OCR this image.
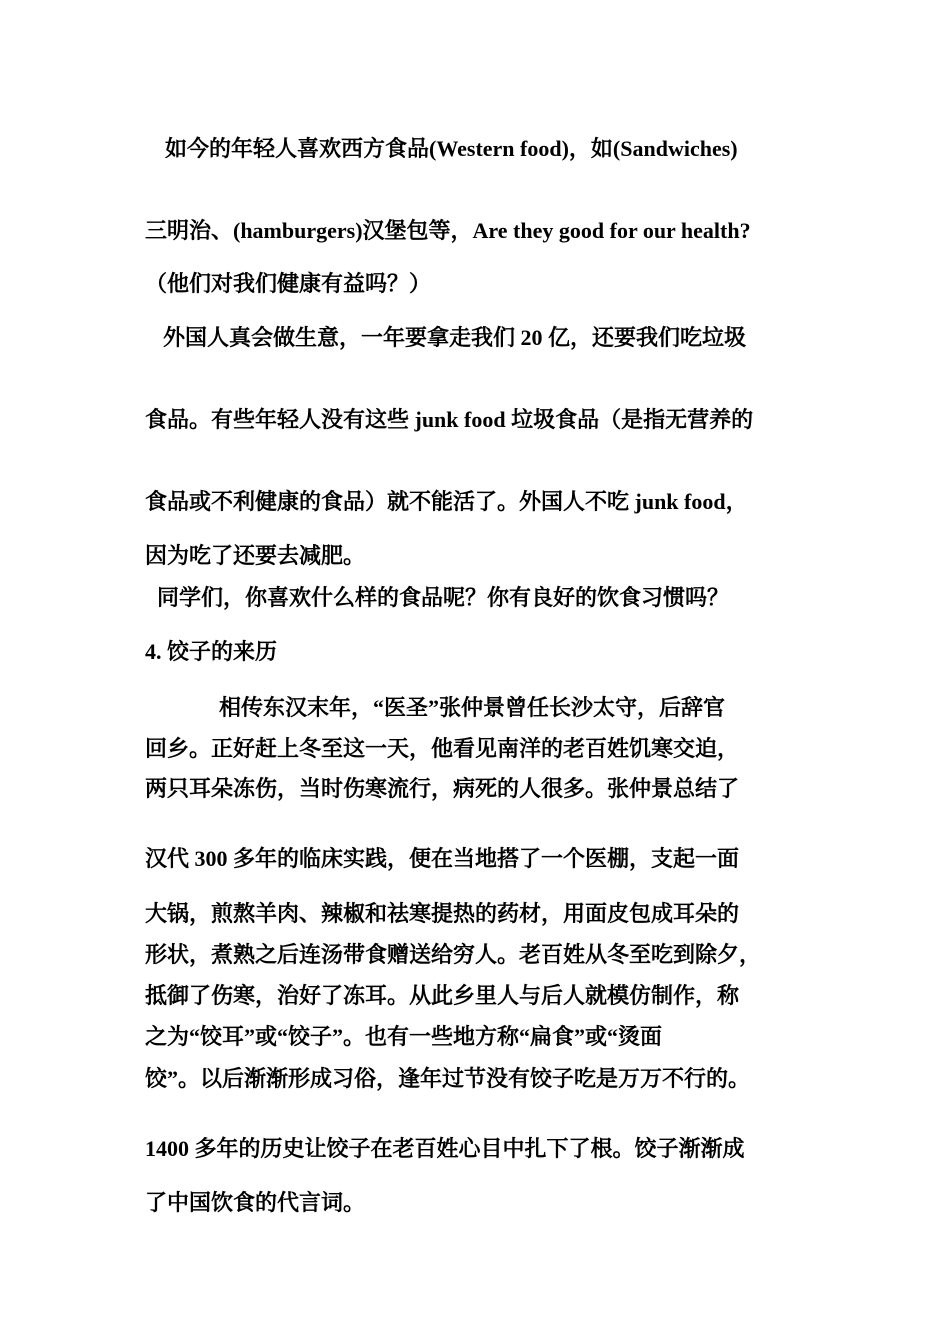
如今的年轻人喜欢西方食品(Western food)，如(Sandwiches)
三明治、(hamburgers)汉堡包等，Are they good for our health?
（他们对我们健康有益吗？）
外国人真会做生意，一年要拿走我们 20 亿，还要我们吃垃圾
食品。有些年轻人没有这些 junk food 垃圾食品（是指无营养的
食品或不利健康的食品）就不能活了。外国人不吃 junk food，
因为吃了还要去减肥。
同学们，你喜欢什么样的食品呢？你有良好的饮食习惯吗？
4. 饺子的来历
相传东汉末年，“医圣”张仲景曾任长沙太守，后辞官
回乡。正好赶上冬至这一天，他看见南洋的老百姓饥寒交迫，
两只耳朵冻伤，当时伤寒流行，病死的人很多。张仲景总结了
汉代 300 多年的临床实践，便在当地搭了一个医棚，支起一面
大锅，煎熬羊肉、辣椒和祛寒提热的药材，用面皮包成耳朵的
形状，煮熟之后连汤带食赠送给穷人。老百姓从冬至吃到除夕，
抵御了伤寒，治好了冻耳。从此乡里人与后人就模仿制作，称
之为“饺耳”或“饺子”。也有一些地方称“扁食”或“烫面
饺”。以后渐渐形成习俗，逢年过节没有饺子吃是万万不行的。
1400 多年的历史让饺子在老百姓心目中扎下了根。饺子渐渐成
了中国饮食的代言词。
